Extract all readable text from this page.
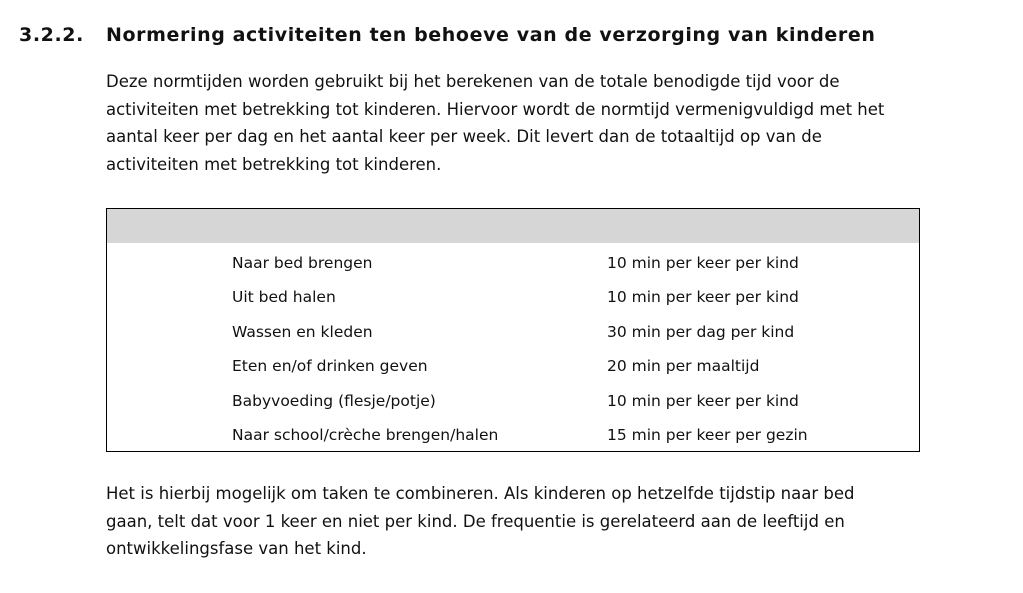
3.2.2. Normering activiteiten ten behoeve van de verzorging van kinderen

Deze normtijden worden gebruikt bij het berekenen van de totale benodigde tijd voor de
activiteiten met betrekking tot kinderen. Hiervoor wordt de normtijd vermenigvuldigd met het
aantal keer per dag en het aantal keer per week. Dit levert dan de totaaltijd op van de
activiteiten met betrekking tot kinderen.

Naar bed brengen	10 min per keer per kind
Uit bed halen	10 min per keer per kind
Wassen en kleden	30 min per dag per kind
Eten en/of drinken geven	20 min per maaltijd
Babyvoeding (flesje/potje)	10 min per keer per kind
Naar school/crèche brengen/halen	15 min per keer per gezin

Het is hierbij mogelijk om taken te combineren. Als kinderen op hetzelfde tijdstip naar bed
gaan, telt dat voor 1 keer en niet per kind. De frequentie is gerelateerd aan de leeftijd en
ontwikkelingsfase van het kind.
